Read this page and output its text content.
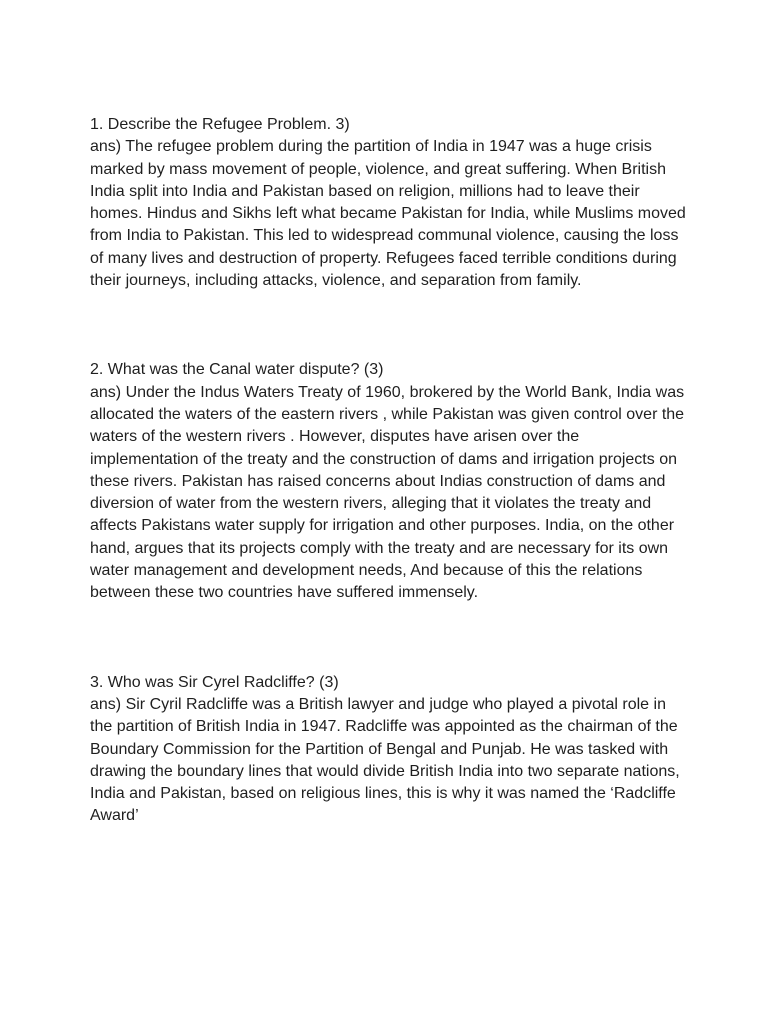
1. Describe the Refugee Problem. 3)

ans) The refugee problem during the partition of India in 1947 was a huge crisis marked by mass movement of people, violence, and great suffering. When British India split into India and Pakistan based on religion, millions had to leave their homes. Hindus and Sikhs left what became Pakistan for India, while Muslims moved from India to Pakistan. This led to widespread communal violence, causing the loss of many lives and destruction of property. Refugees faced terrible conditions during their journeys, including attacks, violence, and separation from family.

2. What was the Canal water dispute? (3)

ans) Under the Indus Waters Treaty of 1960, brokered by the World Bank, India was allocated the waters of the eastern rivers , while Pakistan was given control over the waters of the western rivers . However, disputes have arisen over the implementation of the treaty and the construction of dams and irrigation projects on these rivers. Pakistan has raised concerns about Indias construction of dams and diversion of water from the western rivers, alleging that it violates the treaty and affects Pakistans water supply for irrigation and other purposes. India, on the other hand, argues that its projects comply with the treaty and are necessary for its own water management and development needs, And because of this the relations between these two countries have suffered immensely.

3. Who was Sir Cyrel Radcliffe? (3)

ans) Sir Cyril Radcliffe was a British lawyer and judge who played a pivotal role in the partition of British India in 1947. Radcliffe was appointed as the chairman of the Boundary Commission for the Partition of Bengal and Punjab. He was tasked with drawing the boundary lines that would divide British India into two separate nations, India and Pakistan, based on religious lines, this is why it was named the ‘Radcliffe Award’
